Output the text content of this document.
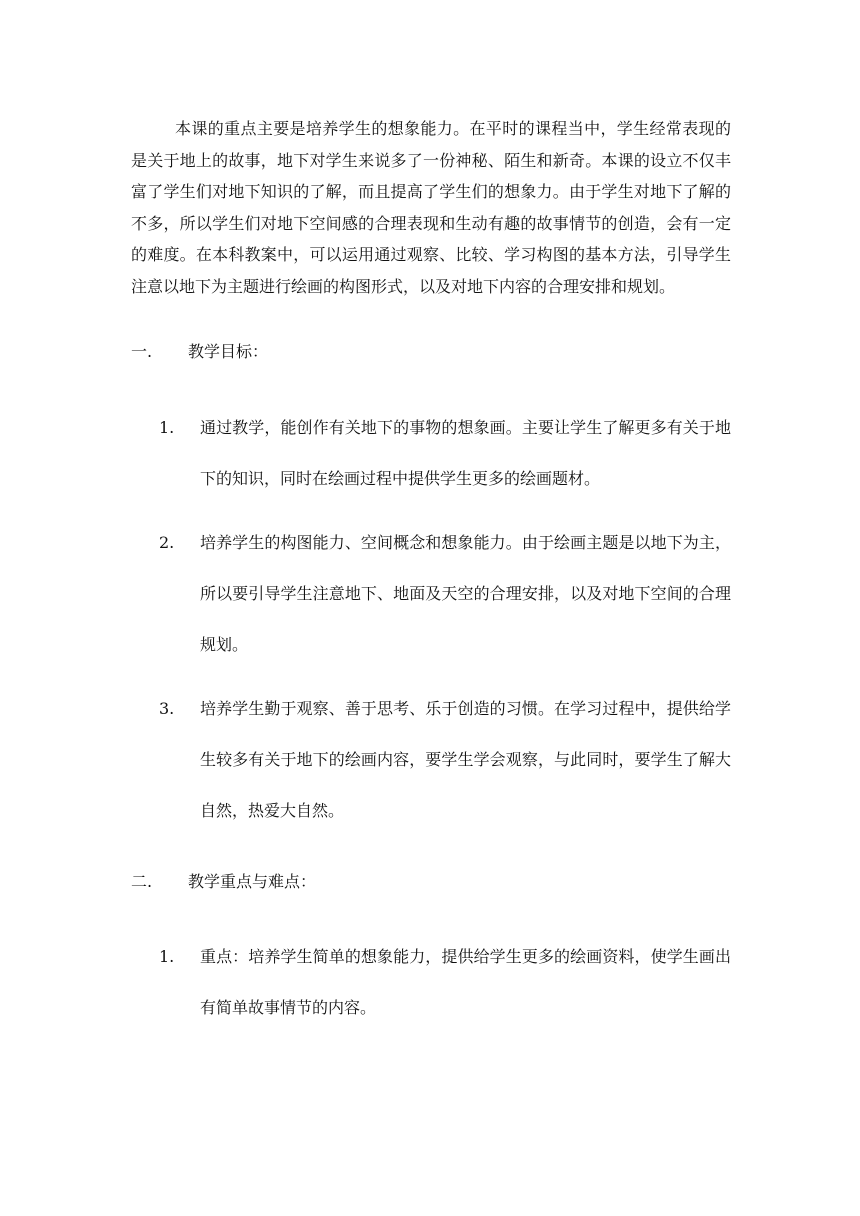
本课的重点主要是培养学生的想象能力。在平时的课程当中，学生经常表现的是关于地上的故事，地下对学生来说多了一份神秘、陌生和新奇。本课的设立不仅丰富了学生们对地下知识的了解，而且提高了学生们的想象力。由于学生对地下了解的不多，所以学生们对地下空间感的合理表现和生动有趣的故事情节的创造，会有一定的难度。在本科教案中，可以运用通过观察、比较、学习构图的基本方法，引导学生注意以地下为主题进行绘画的构图形式，以及对地下内容的合理安排和规划。

一.	教学目标：
1.	通过教学，能创作有关地下的事物的想象画。主要让学生了解更多有关于地下的知识，同时在绘画过程中提供学生更多的绘画题材。
2.	培养学生的构图能力、空间概念和想象能力。由于绘画主题是以地下为主，所以要引导学生注意地下、地面及天空的合理安排，以及对地下空间的合理规划。
3.	培养学生勤于观察、善于思考、乐于创造的习惯。在学习过程中，提供给学生较多有关于地下的绘画内容，要学生学会观察，与此同时，要学生了解大自然，热爱大自然。
二.	教学重点与难点：
1.	重点：培养学生简单的想象能力，提供给学生更多的绘画资料，使学生画出有简单故事情节的内容。
